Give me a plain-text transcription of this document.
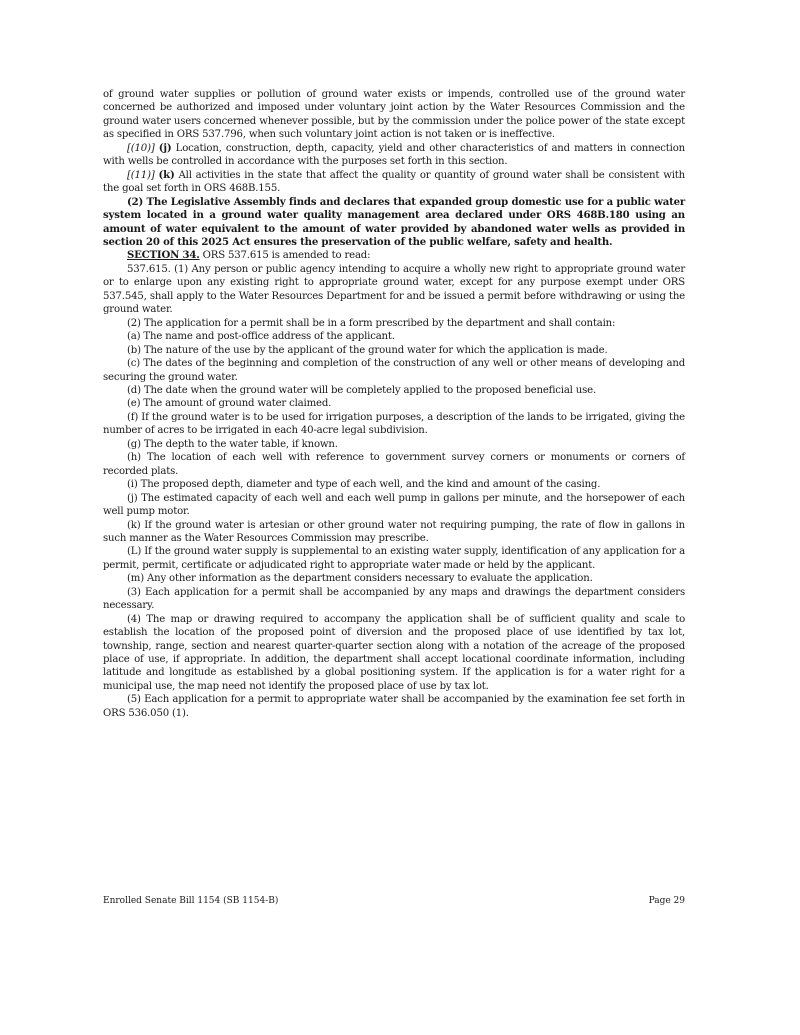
of ground water supplies or pollution of ground water exists or impends, controlled use of the ground water concerned be authorized and imposed under voluntary joint action by the Water Resources Commission and the ground water users concerned whenever possible, but by the commission under the police power of the state except as specified in ORS 537.796, when such voluntary joint action is not taken or is ineffective.

[(10)] (j) Location, construction, depth, capacity, yield and other characteristics of and matters in connection with wells be controlled in accordance with the purposes set forth in this section.

[(11)] (k) All activities in the state that affect the quality or quantity of ground water shall be consistent with the goal set forth in ORS 468B.155.

(2) The Legislative Assembly finds and declares that expanded group domestic use for a public water system located in a ground water quality management area declared under ORS 468B.180 using an amount of water equivalent to the amount of water provided by abandoned water wells as provided in section 20 of this 2025 Act ensures the preservation of the public welfare, safety and health.

SECTION 34. ORS 537.615 is amended to read:

537.615. (1) Any person or public agency intending to acquire a wholly new right to appropriate ground water or to enlarge upon any existing right to appropriate ground water, except for any purpose exempt under ORS 537.545, shall apply to the Water Resources Department for and be issued a permit before withdrawing or using the ground water.

(2) The application for a permit shall be in a form prescribed by the department and shall contain:

(a) The name and post-office address of the applicant.

(b) The nature of the use by the applicant of the ground water for which the application is made.

(c) The dates of the beginning and completion of the construction of any well or other means of developing and securing the ground water.

(d) The date when the ground water will be completely applied to the proposed beneficial use.

(e) The amount of ground water claimed.

(f) If the ground water is to be used for irrigation purposes, a description of the lands to be irrigated, giving the number of acres to be irrigated in each 40-acre legal subdivision.

(g) The depth to the water table, if known.

(h) The location of each well with reference to government survey corners or monuments or corners of recorded plats.

(i) The proposed depth, diameter and type of each well, and the kind and amount of the casing.

(j) The estimated capacity of each well and each well pump in gallons per minute, and the horsepower of each well pump motor.

(k) If the ground water is artesian or other ground water not requiring pumping, the rate of flow in gallons in such manner as the Water Resources Commission may prescribe.

(L) If the ground water supply is supplemental to an existing water supply, identification of any application for a permit, permit, certificate or adjudicated right to appropriate water made or held by the applicant.

(m) Any other information as the department considers necessary to evaluate the application.

(3) Each application for a permit shall be accompanied by any maps and drawings the department considers necessary.

(4) The map or drawing required to accompany the application shall be of sufficient quality and scale to establish the location of the proposed point of diversion and the proposed place of use identified by tax lot, township, range, section and nearest quarter-quarter section along with a notation of the acreage of the proposed place of use, if appropriate. In addition, the department shall accept locational coordinate information, including latitude and longitude as established by a global positioning system. If the application is for a water right for a municipal use, the map need not identify the proposed place of use by tax lot.

(5) Each application for a permit to appropriate water shall be accompanied by the examination fee set forth in ORS 536.050 (1).

Enrolled Senate Bill 1154 (SB 1154-B)	Page 29
